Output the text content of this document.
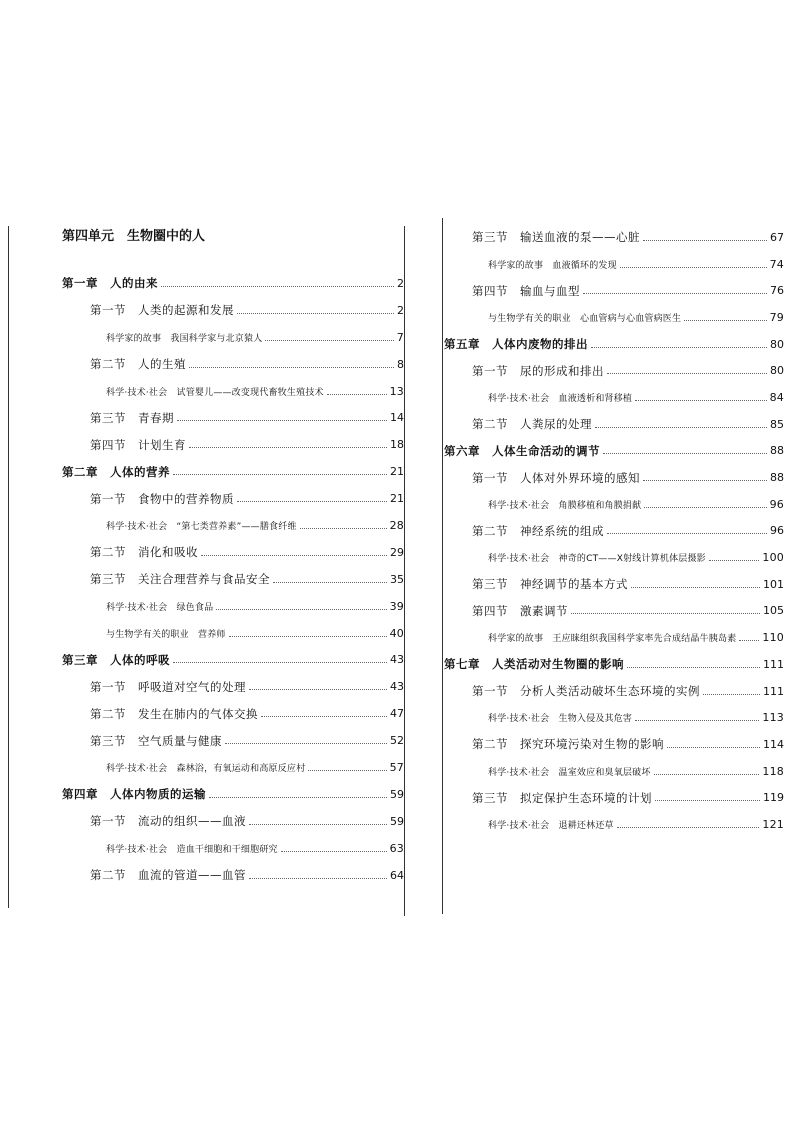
第四单元　生物圈中的人
第一章　人的由来	2
第一节　人类的起源和发展	2
科学家的故事　我国科学家与北京猿人	7
第二节　人的生殖	8
科学·技术·社会　试管婴儿——改变现代畜牧生殖技术	13
第三节　青春期	14
第四节　计划生育	18
第二章　人体的营养	21
第一节　食物中的营养物质	21
科学·技术·社会　“第七类营养素”——膳食纤维	28
第二节　消化和吸收	29
第三节　关注合理营养与食品安全	35
科学·技术·社会　绿色食品	39
与生物学有关的职业　营养师	40
第三章　人体的呼吸	43
第一节　呼吸道对空气的处理	43
第二节　发生在肺内的气体交换	47
第三节　空气质量与健康	52
科学·技术·社会　森林浴，有氧运动和高原反应村	57
第四章　人体内物质的运输	59
第一节　流动的组织——血液	59
科学·技术·社会　造血干细胞和干细胞研究	63
第二节　血流的管道——血管	64
第三节　输送血液的泵——心脏	67
科学家的故事　血液循环的发现	74
第四节　输血与血型	76
与生物学有关的职业　心血管病与心血管病医生	79
第五章　人体内废物的排出	80
第一节　尿的形成和排出	80
科学·技术·社会　血液透析和肾移植	84
第二节　人粪尿的处理	85
第六章　人体生命活动的调节	88
第一节　人体对外界环境的感知	88
科学·技术·社会　角膜移植和角膜捐献	96
第二节　神经系统的组成	96
科学·技术·社会　神奇的CT——X射线计算机体层摄影	100
第三节　神经调节的基本方式	101
第四节　激素调节	105
科学家的故事　王应睐组织我国科学家率先合成结晶牛胰岛素 110
第七章　人类活动对生物圈的影响	111
第一节　分析人类活动破坏生态环境的实例	111
科学·技术·社会　生物入侵及其危害	113
第二节　探究环境污染对生物的影响	114
科学·技术·社会　温室效应和臭氧层破坏	118
第三节　拟定保护生态环境的计划	119
科学·技术·社会　退耕还林还草	121
